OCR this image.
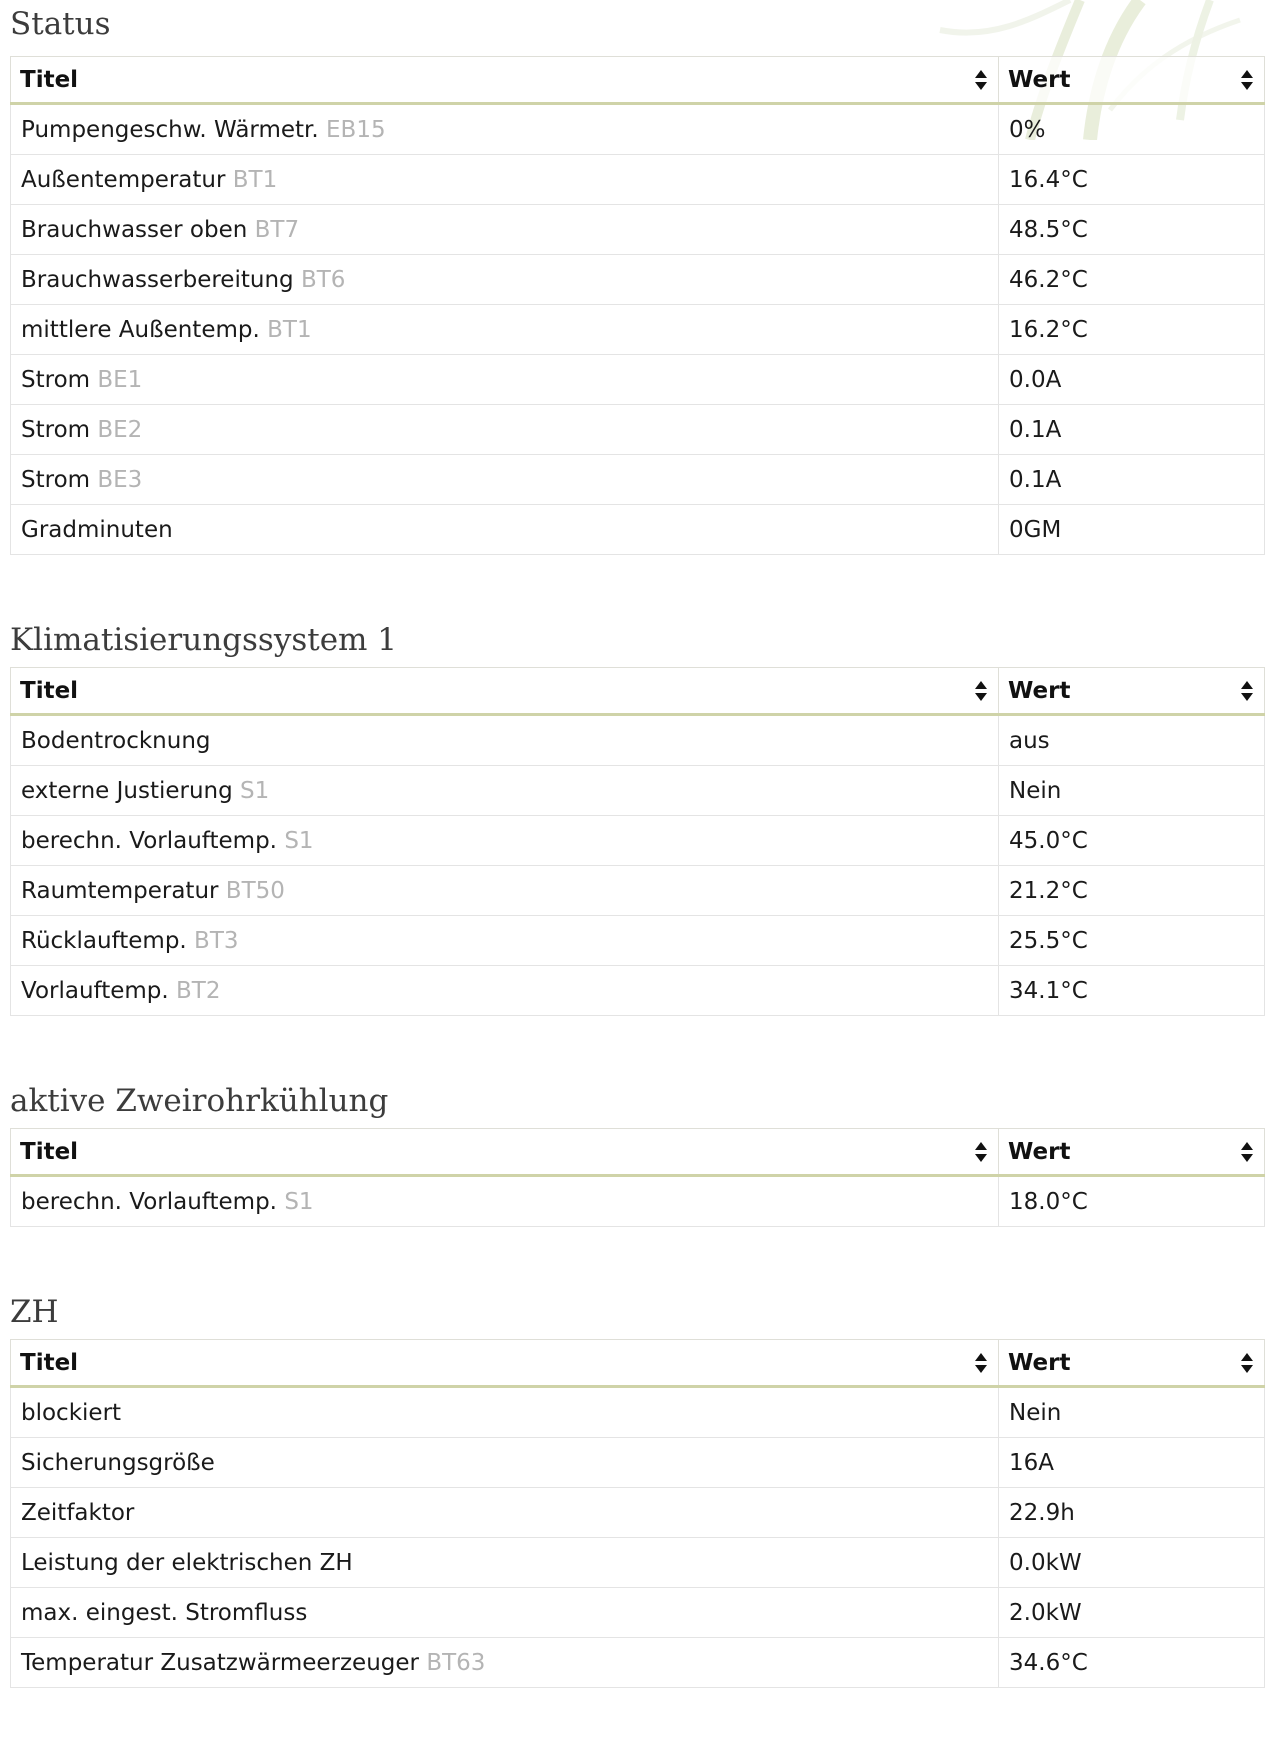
Status
Titel	Wert

Pumpengeschw. Wärmetr. EB15	0%
Außentemperatur BT1	16.4°C
Brauchwasser oben BT7	48.5°C
Brauchwasserbereitung BT6	46.2°C
mittlere Außentemp. BT1	16.2°C
Strom BE1	0.0A
Strom BE2	0.1A
Strom BE3	0.1A
Gradminuten	0GM
Klimatisierungssystem 1
Titel	Wert

Bodentrocknung	aus
externe Justierung S1	Nein
berechn. Vorlauftemp. S1	45.0°C
Raumtemperatur BT50	21.2°C
Rücklauftemp. BT3	25.5°C
Vorlauftemp. BT2	34.1°C
aktive Zweirohrkühlung
Titel	Wert

berechn. Vorlauftemp. S1	18.0°C
ZH
Titel	Wert

blockiert	Nein
Sicherungsgröße	16A
Zeitfaktor	22.9h
Leistung der elektrischen ZH	0.0kW
max. eingest. Stromfluss	2.0kW
Temperatur Zusatzwärmeerzeuger BT63	34.6°C
